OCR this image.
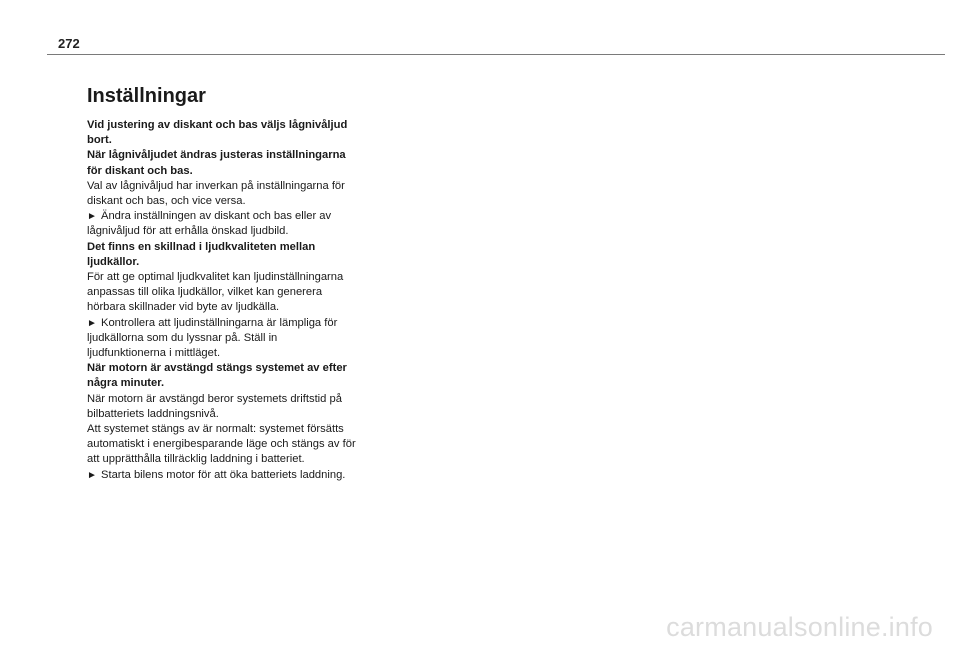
272
Inställningar

Vid justering av diskant och bas väljs lågnivåljud bort.

När lågnivåljudet ändras justeras inställningarna för diskant och bas.

Val av lågnivåljud har inverkan på inställningarna för diskant och bas, och vice versa.

► Ändra inställningen av diskant och bas eller av lågnivåljud för att erhålla önskad ljudbild.

Det finns en skillnad i ljudkvaliteten mellan ljudkällor.

För att ge optimal ljudkvalitet kan ljudinställningarna anpassas till olika ljudkällor, vilket kan generera hörbara skillnader vid byte av ljudkälla.

► Kontrollera att ljudinställningarna är lämpliga för ljudkällorna som du lyssnar på. Ställ in ljudfunktionerna i mittläget.

När motorn är avstängd stängs systemet av efter några minuter.

När motorn är avstängd beror systemets driftstid på bilbatteriets laddningsnivå.

Att systemet stängs av är normalt: systemet försätts automatiskt i energibesparande läge och stängs av för att upprätthålla tillräcklig laddning i batteriet.

► Starta bilens motor för att öka batteriets laddning.

carmanualsonline.info
